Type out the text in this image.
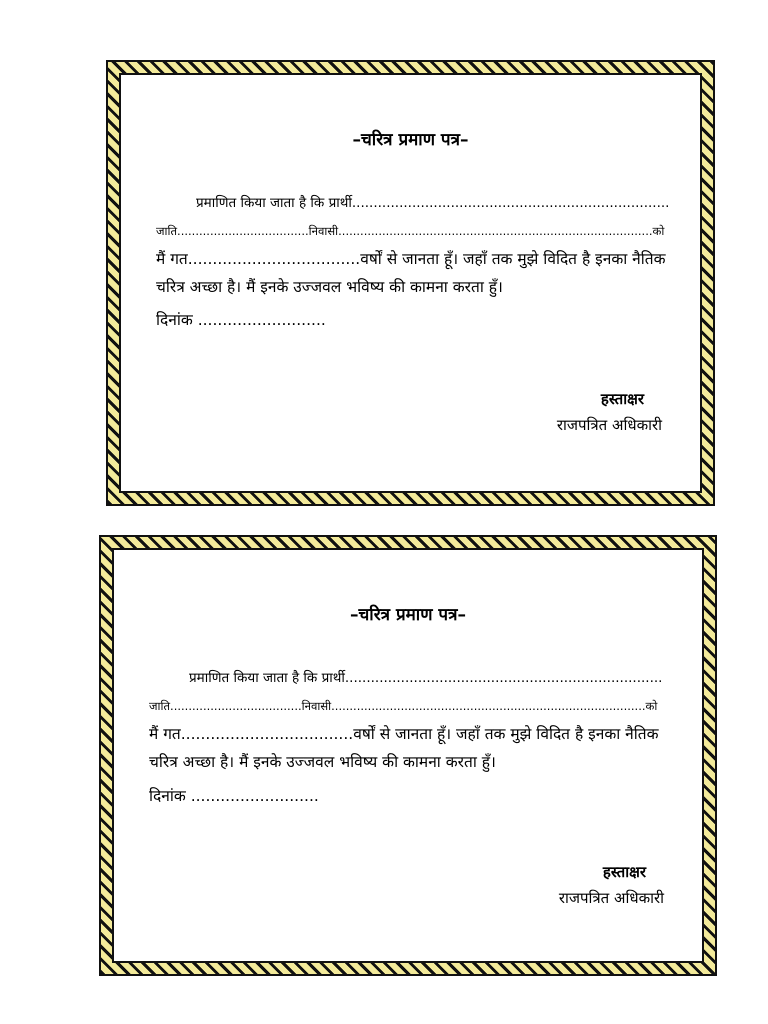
–चरित्र प्रमाण पत्र–
प्रमाणित किया जाता है कि प्रार्थी..........................................................................
जाति....................................निवासी......................................................................................को
मैं गत...................................वर्षों से जानता हूँ। जहाँ तक मुझे विदित है इनका नैतिक
चरित्र अच्छा है। मैं इनके उज्जवल भविष्य की कामना करता हुँ।
दिनांक ..........................
हस्ताक्षर
राजपत्रित अधिकारी
–चरित्र प्रमाण पत्र–
प्रमाणित किया जाता है कि प्रार्थी..........................................................................
जाति....................................निवासी......................................................................................को
मैं गत...................................वर्षों से जानता हूँ। जहाँ तक मुझे विदित है इनका नैतिक
चरित्र अच्छा है। मैं इनके उज्जवल भविष्य की कामना करता हुँ।
दिनांक ..........................
हस्ताक्षर
राजपत्रित अधिकारी
